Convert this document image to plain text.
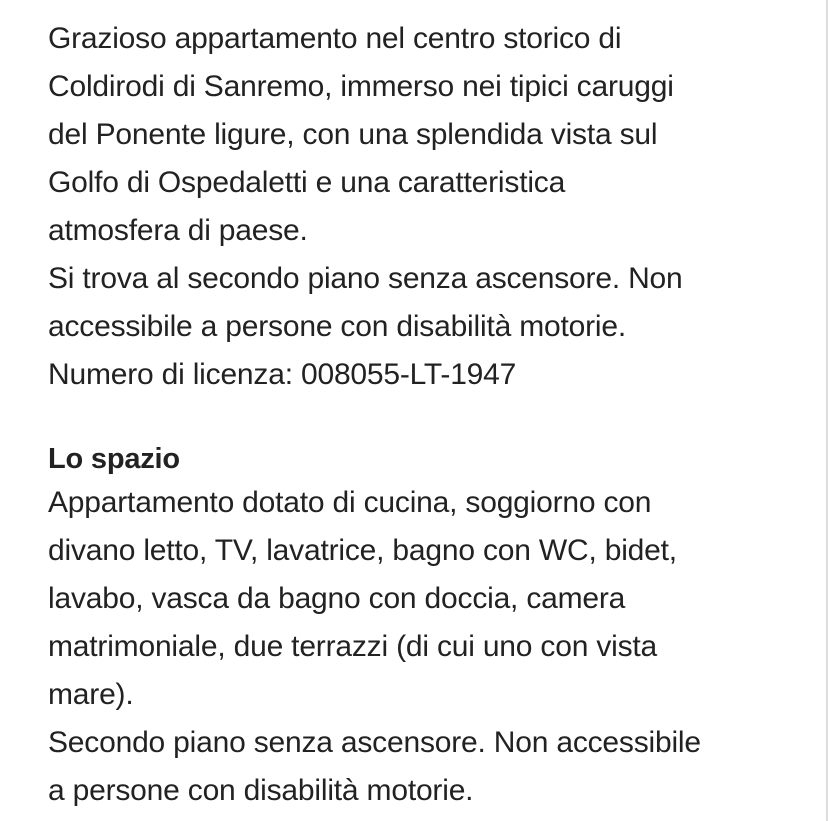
Grazioso appartamento nel centro storico di
Coldirodi di Sanremo, immerso nei tipici caruggi
del Ponente ligure, con una splendida vista sul
Golfo di Ospedaletti e una caratteristica
atmosfera di paese.
Si trova al secondo piano senza ascensore. Non
accessibile a persone con disabilità motorie.
Numero di licenza: 008055-LT-1947
Lo spazio
Appartamento dotato di cucina, soggiorno con
divano letto, TV, lavatrice, bagno con WC, bidet,
lavabo, vasca da bagno con doccia, camera
matrimoniale, due terrazzi (di cui uno con vista
mare).
Secondo piano senza ascensore. Non accessibile
a persone con disabilità motorie.
